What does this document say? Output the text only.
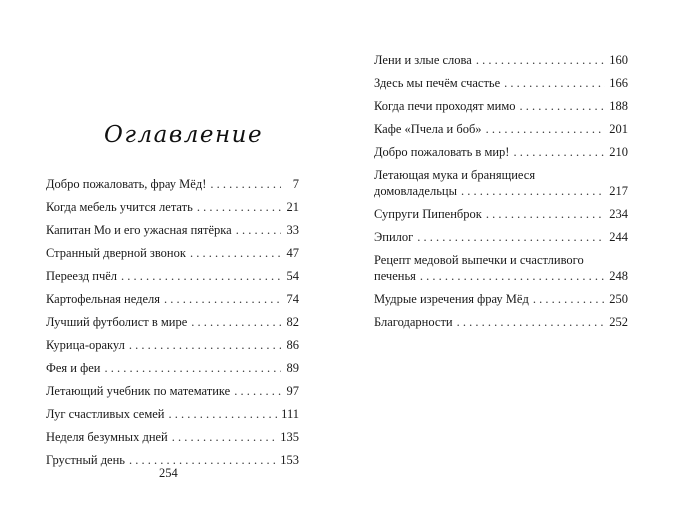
Оглавление
Добро пожаловать, фрау Мёд! . . .	7
Когда мебель учится летать . . .	21
Капитан Мо и его ужасная пятёрка . . .	33
Странный дверной звонок . . .	47
Переезд пчёл . . .	54
Картофельная неделя . . .	74
Лучший футболист в мире . . .	82
Курица-оракул . . .	86
Фея и феи . . .	89
Летающий учебник по математике . . .	97
Луг счастливых семей . . .	111
Неделя безумных дней . . .	135
Грустный день . . .	153
254
Лени и злые слова . . .	160
Здесь мы печём счастье . . .	166
Когда печи проходят мимо . . .	188
Кафе «Пчела и боб» . . .	201
Добро пожаловать в мир! . . .	210
Летающая мука и бранящиеся
домовладельцы . . .	217
Супруги Пипенброк . . .	234
Эпилог . . .	244
Рецепт медовой выпечки и счастливого
печенья . . .	248
Мудрые изречения фрау Мёд . . .	250
Благодарности . . .	252
